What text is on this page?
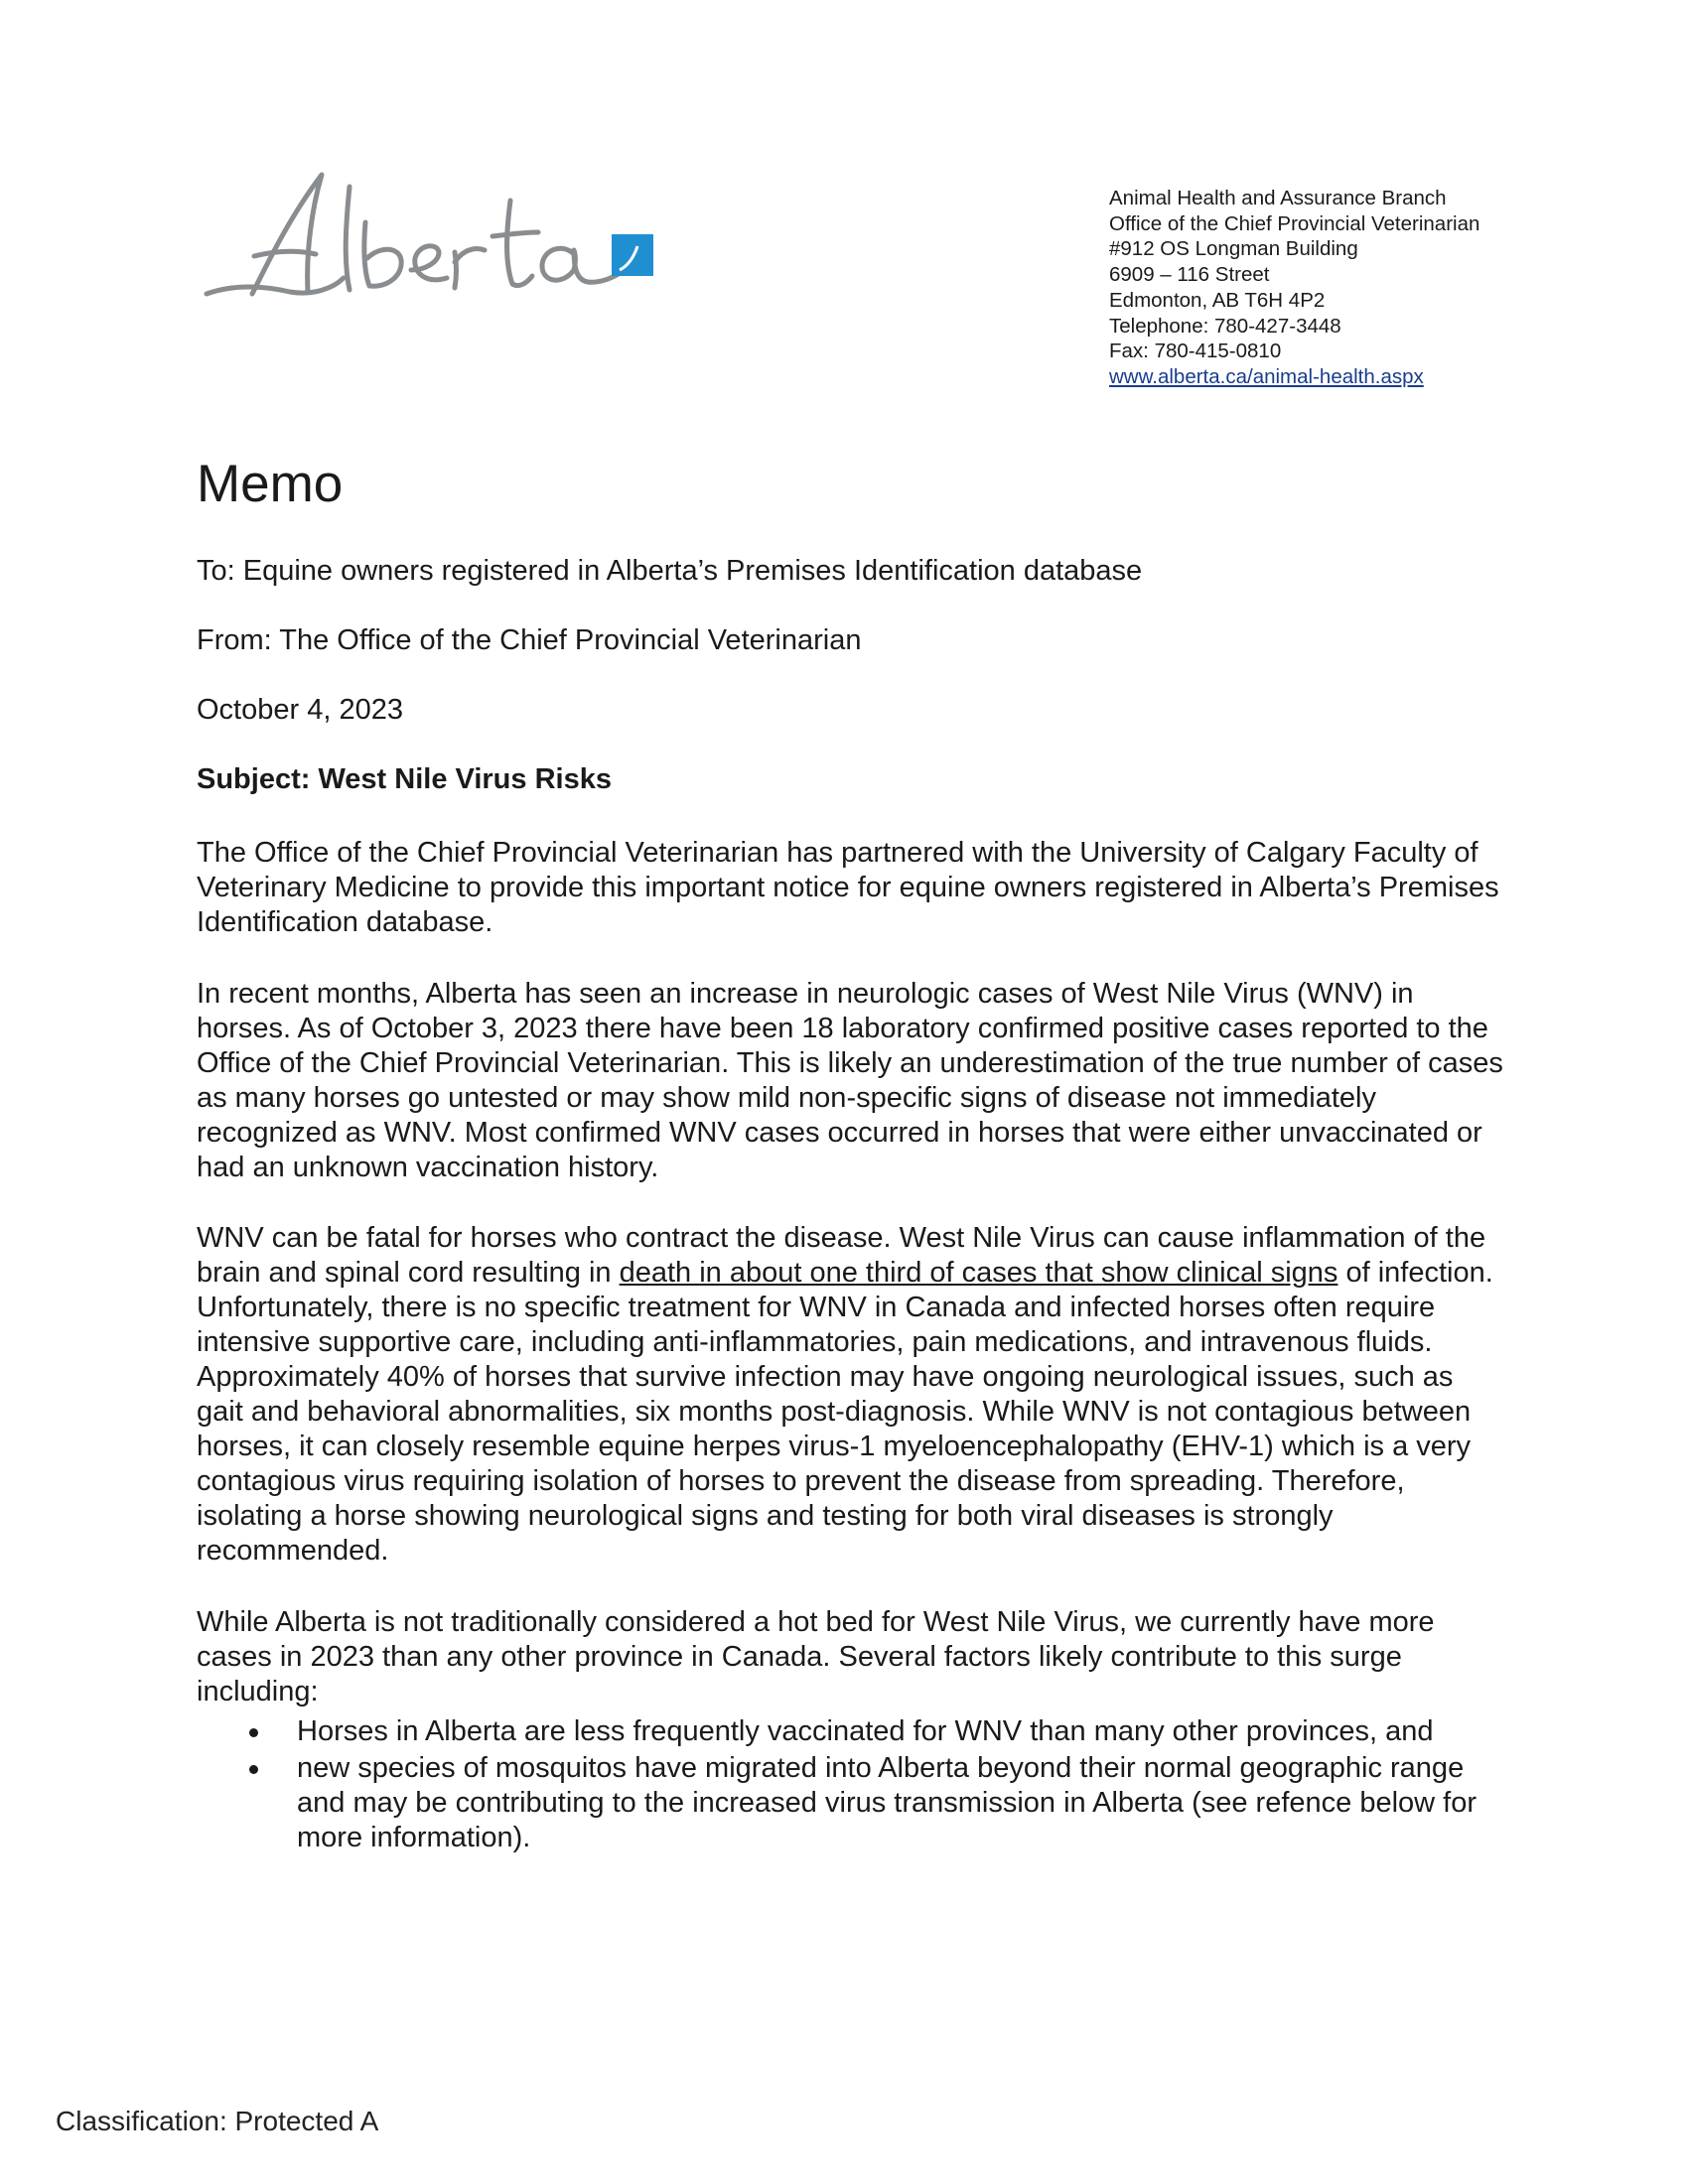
Animal Health and Assurance Branch
Office of the Chief Provincial Veterinarian
#912 OS Longman Building
6909 – 116 Street
Edmonton, AB T6H 4P2
Telephone: 780-427-3448
Fax: 780-415-0810
www.alberta.ca/animal-health.aspx
Memo
To: Equine owners registered in Alberta’s Premises Identification database
From: The Office of the Chief Provincial Veterinarian
October 4, 2023
Subject: West Nile Virus Risks

The Office of the Chief Provincial Veterinarian has partnered with the University of Calgary Faculty of Veterinary Medicine to provide this important notice for equine owners registered in Alberta’s Premises Identification database.

In recent months, Alberta has seen an increase in neurologic cases of West Nile Virus (WNV) in horses. As of October 3, 2023 there have been 18 laboratory confirmed positive cases reported to the Office of the Chief Provincial Veterinarian. This is likely an underestimation of the true number of cases as many horses go untested or may show mild non-specific signs of disease not immediately recognized as WNV. Most confirmed WNV cases occurred in horses that were either unvaccinated or had an unknown vaccination history.

WNV can be fatal for horses who contract the disease. West Nile Virus can cause inflammation of the brain and spinal cord resulting in death in about one third of cases that show clinical signs of infection. Unfortunately, there is no specific treatment for WNV in Canada and infected horses often require intensive supportive care, including anti-inflammatories, pain medications, and intravenous fluids. Approximately 40% of horses that survive infection may have ongoing neurological issues, such as gait and behavioral abnormalities, six months post-diagnosis. While WNV is not contagious between horses, it can closely resemble equine herpes virus-1 myeloencephalopathy (EHV-1) which is a very contagious virus requiring isolation of horses to prevent the disease from spreading. Therefore, isolating a horse showing neurological signs and testing for both viral diseases is strongly recommended.

While Alberta is not traditionally considered a hot bed for West Nile Virus, we currently have more cases in 2023 than any other province in Canada. Several factors likely contribute to this surge including:

Horses in Alberta are less frequently vaccinated for WNV than many other provinces, and
new species of mosquitos have migrated into Alberta beyond their normal geographic range and may be contributing to the increased virus transmission in Alberta (see refence below for more information).
Classification: Protected A
